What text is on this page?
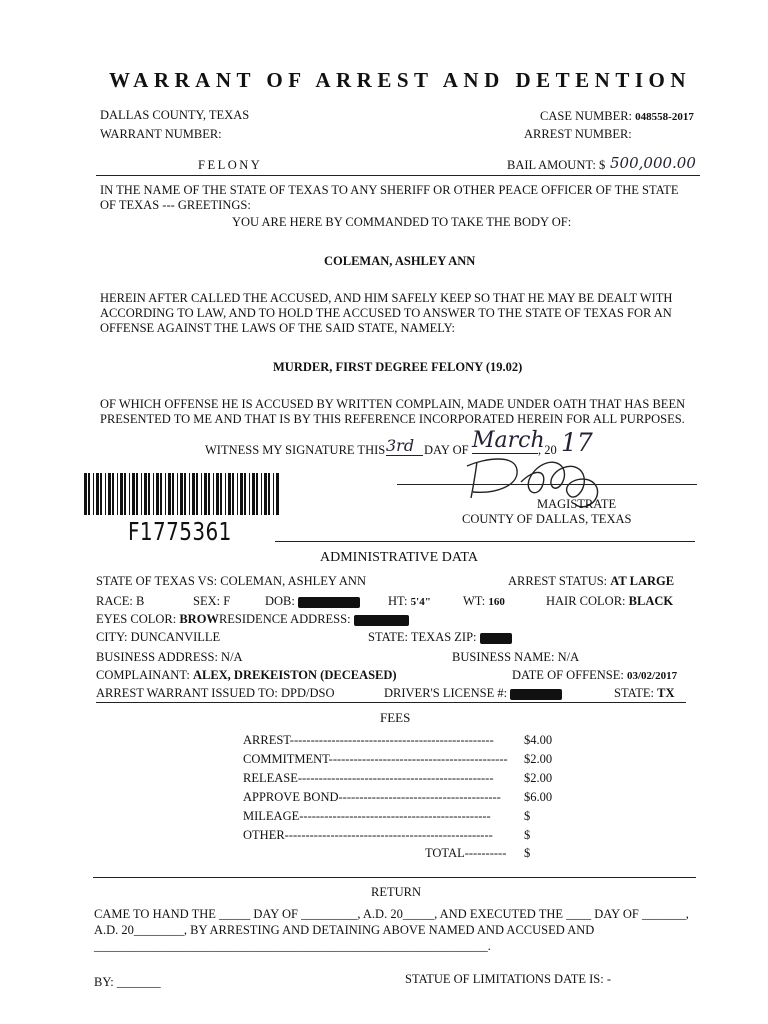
WARRANT OF ARREST AND DETENTION
DALLAS COUNTY, TEXAS
WARRANT NUMBER:
CASE NUMBER: 048558-2017
ARREST NUMBER:
FELONY	BAIL AMOUNT: $ 500,000.00
IN THE NAME OF THE STATE OF TEXAS TO ANY SHERIFF OR OTHER PEACE OFFICER OF THE STATE
OF TEXAS --- GREETINGS:
YOU ARE HERE BY COMMANDED TO TAKE THE BODY OF:
COLEMAN, ASHLEY ANN
HEREIN AFTER CALLED THE ACCUSED, AND HIM SAFELY KEEP SO THAT HE MAY BE DEALT WITH
ACCORDING TO LAW, AND TO HOLD THE ACCUSED TO ANSWER TO THE STATE OF TEXAS FOR AN
OFFENSE AGAINST THE LAWS OF THE SAID STATE, NAMELY:
MURDER, FIRST DEGREE FELONY (19.02)
OF WHICH OFFENSE HE IS ACCUSED BY WRITTEN COMPLAIN, MADE UNDER OATH THAT HAS BEEN
PRESENTED TO ME AND THAT IS BY THIS REFERENCE INCORPORATED HEREIN FOR ALL PURPOSES.
WITNESS MY SIGNATURE THIS 3rd DAY OF March
, 20 17
MAGISTRATE
COUNTY OF DALLAS, TEXAS
F1775361
ADMINISTRATIVE DATA
STATE OF TEXAS VS: COLEMAN, ASHLEY ANN	ARREST STATUS: AT LARGE
RACE: B	SEX: F	DOB:	HT: 5'4"	WT: 160	HAIR COLOR: BLACK
EYES COLOR: BROWRESIDENCE ADDRESS:
CITY: DUNCANVILLE	STATE: TEXAS ZIP:
BUSINESS ADDRESS: N/A	BUSINESS NAME: N/A
COMPLAINANT: ALEX, DREKEISTON (DECEASED)	DATE OF OFFENSE: 03/02/2017
ARREST WARRANT ISSUED TO: DPD/DSO	DRIVER'S LICENSE #:	STATE: TX
FEES
ARREST------------------------------------------------- $4.00
COMMITMENT------------------------------------------- $2.00
RELEASE----------------------------------------------- $2.00
APPROVE BOND--------------------------------------- $6.00
MILEAGE----------------------------------------------	$
OTHER-------------------------------------------------- $
TOTAL---------- $
RETURN
CAME TO HAND THE _____ DAY OF _________, A.D. 20_____, AND EXECUTED THE ____ DAY OF _______,
A.D. 20________, BY ARRESTING AND DETAINING ABOVE NAMED AND ACCUSED AND
_______________________________________________________________.
BY: _______	STATUE OF LIMITATIONS DATE IS: -
